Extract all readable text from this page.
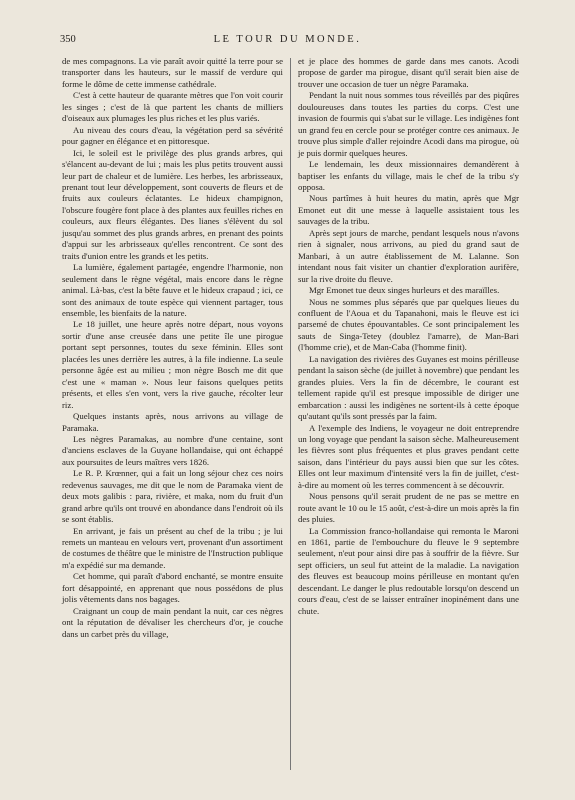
350	LE TOUR DU MONDE.

de mes compagnons. La vie paraît avoir quitté la terre pour se transporter dans les hauteurs, sur le massif de verdure qui forme le dôme de cette immense cathédrale.

C'est à cette hauteur de quarante mètres que l'on voit courir les singes ; c'est de là que partent les chants de milliers d'oiseaux aux plumages les plus riches et les plus variés.

Au niveau des cours d'eau, la végétation perd sa sévérité pour gagner en élégance et en pittoresque.

Ici, le soleil est le privilège des plus grands arbres, qui s'élancent au-devant de lui ; mais les plus petits trouvent aussi leur part de chaleur et de lumière. Les herbes, les arbrisseaux, prenant tout leur développement, sont couverts de fleurs et de fruits aux couleurs éclatantes. Le hideux champignon, l'obscure fougère font place à des plantes aux feuilles riches en couleurs, aux fleurs élégantes. Des lianes s'élèvent du sol jusqu'au sommet des plus grands arbres, en prenant des points d'appui sur les arbrisseaux qu'elles rencontrent. Ce sont des traits d'union entre les grands et les petits.

La lumière, également partagée, engendre l'harmonie, non seulement dans le règne végétal, mais encore dans le règne animal. Là-bas, c'est la bête fauve et le hideux crapaud ; ici, ce sont des animaux de toute espèce qui viennent partager, tous ensemble, les bienfaits de la nature.

Le 18 juillet, une heure après notre départ, nous voyons sortir d'une anse creusée dans une petite île une pirogue portant sept personnes, toutes du sexe féminin. Elles sont placées les unes derrière les autres, à la file indienne. La seule personne âgée est au milieu ; mon nègre Bosch me dit que c'est une « maman ». Nous leur faisons quelques petits présents, et elles s'en vont, vers la rive gauche, récolter leur riz.

Quelques instants après, nous arrivons au village de Paramaka.

Les nègres Paramakas, au nombre d'une centaine, sont d'anciens esclaves de la Guyane hollandaise, qui ont échappé aux poursuites de leurs maîtres vers 1826.

Le R. P. Krœnner, qui a fait un long séjour chez ces noirs redevenus sauvages, me dit que le nom de Paramaka vient de deux mots galibis : para, rivière, et maka, nom du fruit d'un grand arbre qu'ils ont trouvé en abondance dans l'endroit où ils se sont établis.

En arrivant, je fais un présent au chef de la tribu ; je lui remets un manteau en velours vert, provenant d'un assortiment de costumes de théâtre que le ministre de l'Instruction publique m'a expédié sur ma demande.

Cet homme, qui paraît d'abord enchanté, se montre ensuite fort désappointé, en apprenant que nous possédons de plus jolis vêtements dans nos bagages.

Craignant un coup de main pendant la nuit, car ces nègres ont la réputation de dévaliser les chercheurs d'or, je couche dans un carbet près du village,

et je place des hommes de garde dans mes canots. Acodi propose de garder ma pirogue, disant qu'il serait bien aise de trouver une occasion de tuer un nègre Paramaka.

Pendant la nuit nous sommes tous réveillés par des piqûres douloureuses dans toutes les parties du corps. C'est une invasion de fourmis qui s'abat sur le village. Les indigènes font un grand feu en cercle pour se protéger contre ces animaux. Je trouve plus simple d'aller rejoindre Acodi dans ma pirogue, où je puis dormir quelques heures.

Le lendemain, les deux missionnaires demandèrent à baptiser les enfants du village, mais le chef de la tribu s'y opposa.

Nous partîmes à huit heures du matin, après que Mgr Emonet eut dit une messe à laquelle assistaient tous les sauvages de la tribu.

Après sept jours de marche, pendant lesquels nous n'avons rien à signaler, nous arrivons, au pied du grand saut de Manbari, à un autre établissement de M. Lalanne. Son intendant nous fait visiter un chantier d'exploration aurifère, sur la rive droite du fleuve.

Mgr Emonet tue deux singes hurleurs et des maraïlles.

Nous ne sommes plus séparés que par quelques lieues du confluent de l'Aoua et du Tapanahoni, mais le fleuve est ici parsemé de chutes épouvantables. Ce sont principalement les sauts de Singa-Tetey (doublez l'amarre), de Man-Bari (l'homme crie), et de Man-Caba (l'homme finit).

La navigation des rivières des Guyanes est moins périlleuse pendant la saison sèche (de juillet à novembre) que pendant les grandes pluies. Vers la fin de décembre, le courant est tellement rapide qu'il est presque impossible de diriger une embarcation : aussi les indigènes ne sortent-ils à cette époque qu'autant qu'ils sont pressés par la faim.

A l'exemple des Indiens, le voyageur ne doit entreprendre un long voyage que pendant la saison sèche. Malheureusement les fièvres sont plus fréquentes et plus graves pendant cette saison, dans l'intérieur du pays aussi bien que sur les côtes. Elles ont leur maximum d'intensité vers la fin de juillet, c'est-à-dire au moment où les terres commencent à se découvrir.

Nous pensons qu'il serait prudent de ne pas se mettre en route avant le 10 ou le 15 août, c'est-à-dire un mois après la fin des pluies.

La Commission franco-hollandaise qui remonta le Maroni en 1861, partie de l'embouchure du fleuve le 9 septembre seulement, n'eut pour ainsi dire pas à souffrir de la fièvre. Sur sept officiers, un seul fut atteint de la maladie. La navigation des fleuves est beaucoup moins périlleuse en montant qu'en descendant. Le danger le plus redoutable lorsqu'on descend un cours d'eau, c'est de se laisser entraîner inopinément dans une chute.
